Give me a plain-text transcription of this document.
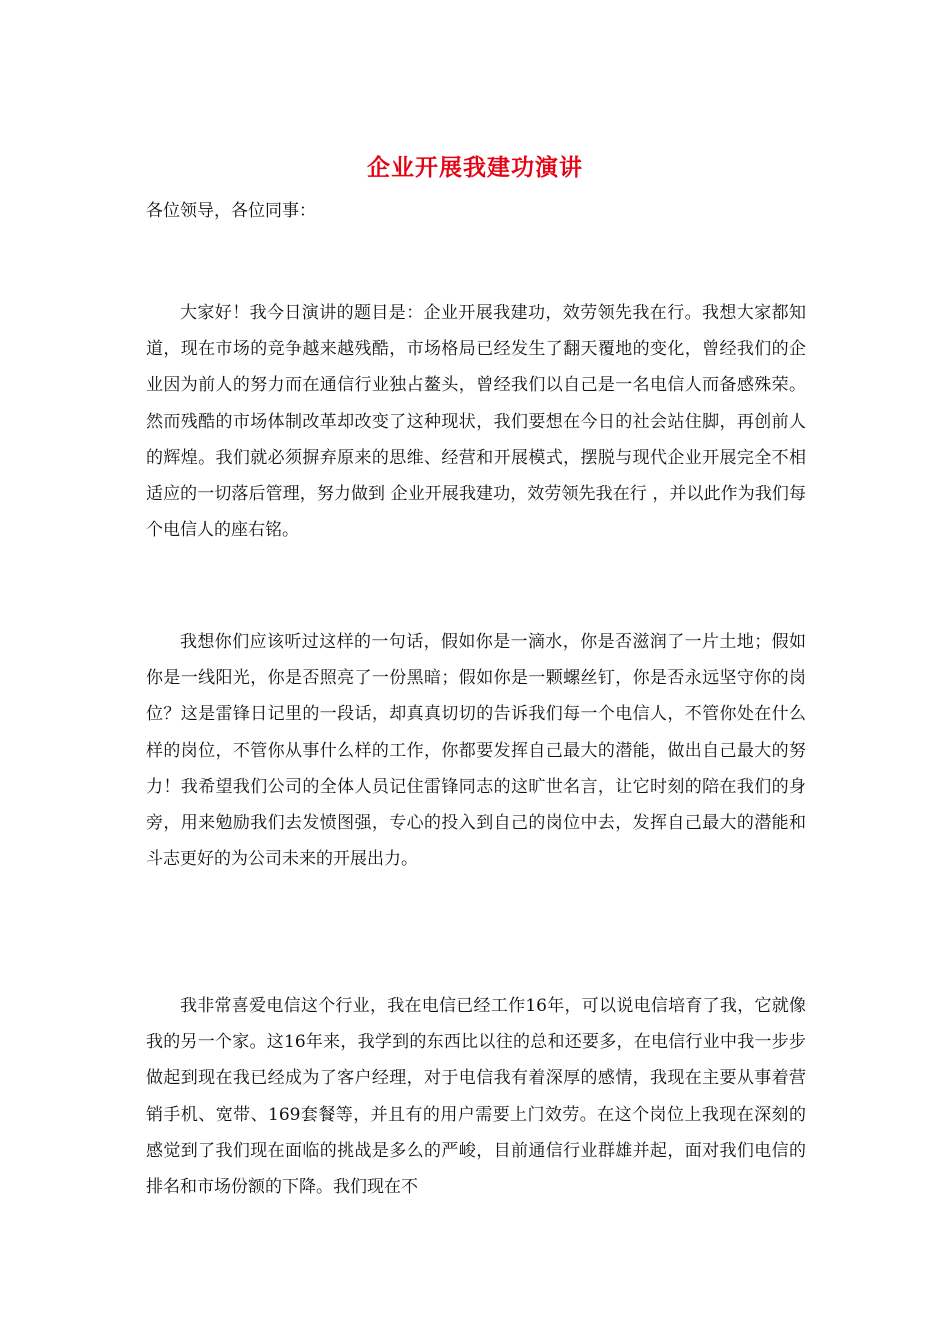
企业开展我建功演讲
各位领导，各位同事：

大家好！我今日演讲的题目是：企业开展我建功，效劳领先我在行。我想大家都知道，现在市场的竞争越来越残酷，市场格局已经发生了翻天覆地的变化，曾经我们的企业因为前人的努力而在通信行业独占鳌头，曾经我们以自己是一名电信人而备感殊荣。然而残酷的市场体制改革却改变了这种现状，我们要想在今日的社会站住脚，再创前人的辉煌。我们就必须摒弃原来的思维、经营和开展模式，摆脱与现代企业开展完全不相适应的一切落后管理，努力做到 企业开展我建功，效劳领先我在行 ，并以此作为我们每个电信人的座右铭。

我想你们应该听过这样的一句话，假如你是一滴水，你是否滋润了一片土地；假如你是一线阳光，你是否照亮了一份黑暗；假如你是一颗螺丝钉，你是否永远坚守你的岗位？这是雷锋日记里的一段话，却真真切切的告诉我们每一个电信人，不管你处在什么样的岗位，不管你从事什么样的工作，你都要发挥自己最大的潜能，做出自己最大的努力！我希望我们公司的全体人员记住雷锋同志的这旷世名言，让它时刻的陪在我们的身旁，用来勉励我们去发愤图强，专心的投入到自己的岗位中去，发挥自己最大的潜能和斗志更好的为公司未来的开展出力。

我非常喜爱电信这个行业，我在电信已经工作16年，可以说电信培育了我，它就像我的另一个家。这16年来，我学到的东西比以往的总和还要多，在电信行业中我一步步做起到现在我已经成为了客户经理，对于电信我有着深厚的感情，我现在主要从事着营销手机、宽带、169套餐等，并且有的用户需要上门效劳。在这个岗位上我现在深刻的感觉到了我们现在面临的挑战是多么的严峻，目前通信行业群雄并起，面对我们电信的排名和市场份额的下降。我们现在不
